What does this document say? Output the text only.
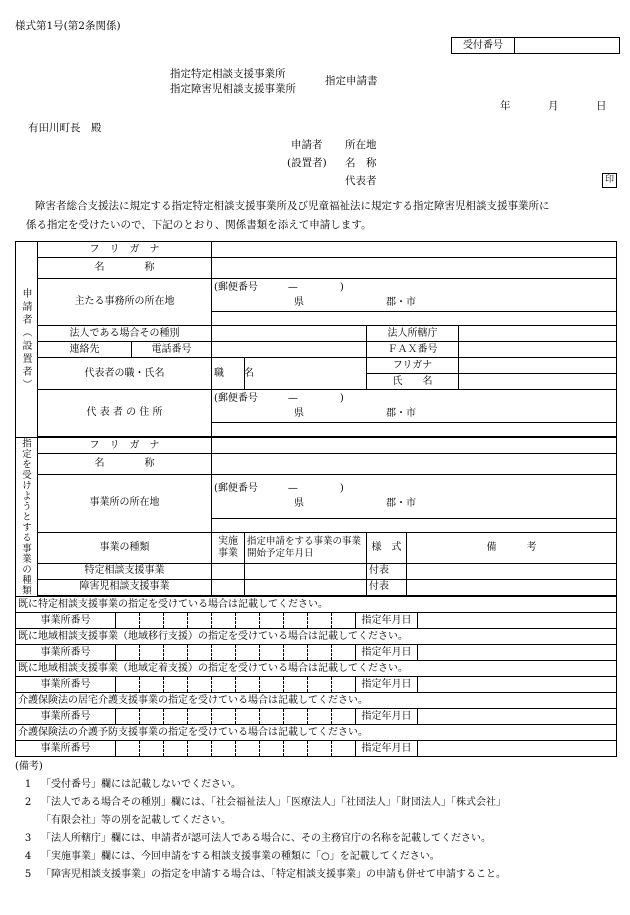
様式第1号(第2条関係)
受付番号	
指定特定相談支援事業所
指定障害児相談支援事業所
指定申請書
年	月	日
有田川町長　殿
申請者 所在地
(設置者) 名　称
代表者	印
障害者総合支援法に規定する指定特定相談支援事業所及び児童福祉法に規定する指定障害児相談支援事業所に
係る指定を受けたいので、下記のとおり、関係書類を添えて申請します。
申請者（設置者）	フ　リ　ガ　ナ						
	名　　　　称						
	主たる事務所の所在地		(郵便番号 — )
県 郡・市				

	法人である場合その種別				法人所轄庁		
	連絡先	電話番号			ＦＡＸ番号		
	代表者の職・氏名		職　　名		フリガナ		
					氏　　名		
	代 表 者 の 住 所		(郵便番号 — )
県 郡・市				

指定を受けようとする事業の種類	フ　リ　ガ　ナ						
	名　　　　称						
	事業所の所在地		(郵便番号 — )
県 郡・市				

	事業の種類		実施事業	指定申請をする事業の事業開始予定年月日	様　式	備　　　考	
	特定相談支援事業				付表		
	障害児相談支援事業				付表		

既に特定相談支援事業の指定を受けている場合は記載してください。												
事業所番号											指定年月日	
既に地域相談支援事業（地域移行支援）の指定を受けている場合は記載してください。												
事業所番号											指定年月日	
既に地域相談支援事業（地域定着支援）の指定を受けている場合は記載してください。												
事業所番号											指定年月日	
介護保険法の居宅介護支援事業の指定を受けている場合は記載してください。												
事業所番号											指定年月日	
介護保険法の介護予防支援事業の指定を受けている場合は記載してください。												
事業所番号											指定年月日	
(備考)
1 「受付番号」欄には記載しないでください。
2 「法人である場合その種別」欄には、「社会福祉法人」「医療法人」「社団法人」「財団法人」「株式会社」
「有限会社」等の別を記載してください。
3 「法人所轄庁」欄には、申請者が認可法人である場合に、その主務官庁の名称を記載してください。
4 「実施事業」欄には、今回申請をする相談支援事業の種類に「○」を記載してください。
5 「障害児相談支援事業」の指定を申請する場合は、「特定相談支援事業」の申請も併せて申請すること。
